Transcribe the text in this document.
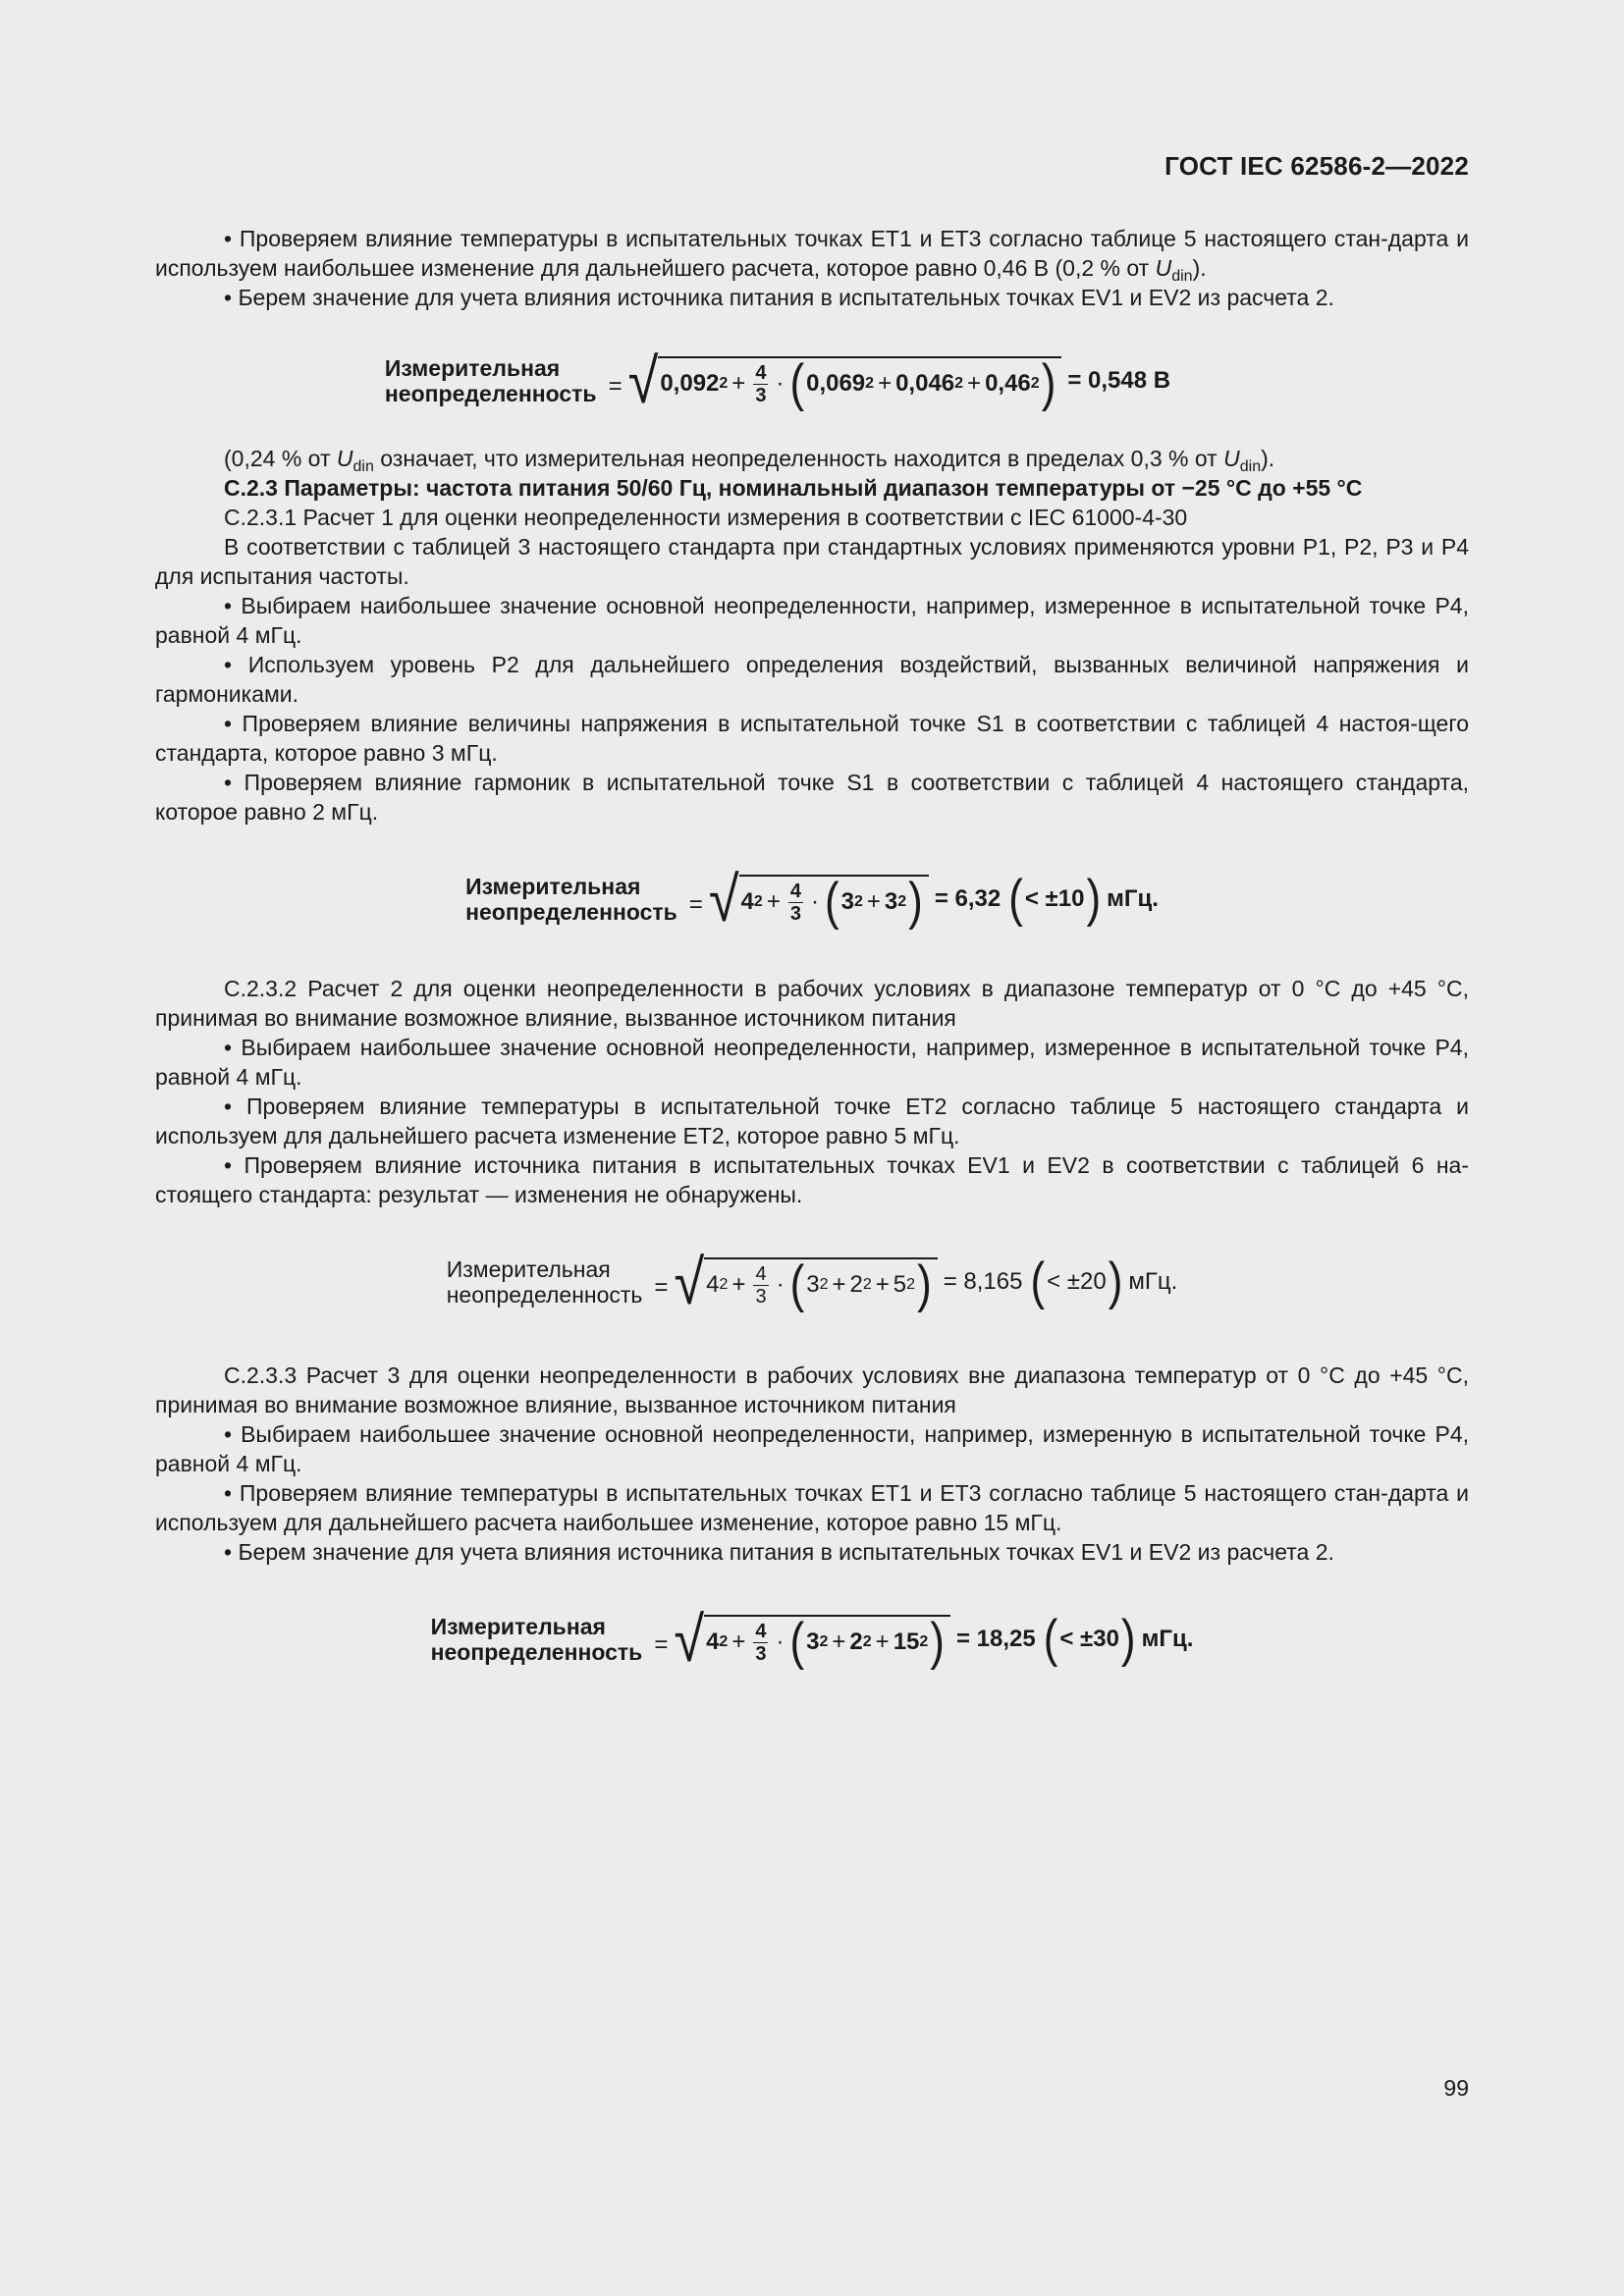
ГОСТ IEC 62586-2—2022

• Проверяем влияние температуры в испытательных точках ET1 и ET3 согласно таблице 5 настоящего стан-дарта и используем наибольшее изменение для дальнейшего расчета, которое равно 0,46 В (0,2 % от $U_{din}$).

• Берем значение для учета влияния источника питания в испытательных точках EV1 и EV2 из расчета 2.

Измерительная
неопределенность = √ 0,092 $2 + \frac{4}{3}$ · ( 0,069 2 + 0,046 2 + 0,46 2 ) = 0,548 В

(0,24 % от $U_{din}$ означает, что измерительная неопределенность находится в пределах 0,3 % от $U_{din}$).

С.2.3 Параметры: частота питания 50/60 Гц, номинальный диапазон температуры от −25 °С до +55 °С

С.2.3.1 Расчет 1 для оценки неопределенности измерения в соответствии с IEC 61000-4-30

В соответствии с таблицей 3 настоящего стандарта при стандартных условиях применяются уровни P1, P2, P3 и P4 для испытания частоты.

• Выбираем наибольшее значение основной неопределенности, например, измеренное в испытательной точке P4, равной 4 мГц.

• Используем уровень P2 для дальнейшего определения воздействий, вызванных величиной напряжения и гармониками.

• Проверяем влияние величины напряжения в испытательной точке S1 в соответствии с таблицей 4 настоя-щего стандарта, которое равно 3 мГц.

• Проверяем влияние гармоник в испытательной точке S1 в соответствии с таблицей 4 настоящего стандарта, которое равно 2 мГц.

Измерительная
неопределенность = √ 4 $2 + \frac{4}{3}$ · ( 3 2 + 3 2 ) = 6,32 ( < ±10 ) мГц.

С.2.3.2 Расчет 2 для оценки неопределенности в рабочих условиях в диапазоне температур от 0 °С до +45 °С, принимая во внимание возможное влияние, вызванное источником питания

• Выбираем наибольшее значение основной неопределенности, например, измеренное в испытательной точке P4, равной 4 мГц.

• Проверяем влияние температуры в испытательной точке ET2 согласно таблице 5 настоящего стандарта и используем для дальнейшего расчета изменение ET2, которое равно 5 мГц.

• Проверяем влияние источника питания в испытательных точках EV1 и EV2 в соответствии с таблицей 6 на-стоящего стандарта: результат — изменения не обнаружены.

Измерительная
неопределенность = √ 4 $2 + \frac{4}{3}$ · ( 3 2 + 2 2 + 5 2 ) = 8,165 ( < ±20 ) мГц.

С.2.3.3 Расчет 3 для оценки неопределенности в рабочих условиях вне диапазона температур от 0 °С до +45 °С, принимая во внимание возможное влияние, вызванное источником питания

• Выбираем наибольшее значение основной неопределенности, например, измеренную в испытательной точке P4, равной 4 мГц.

• Проверяем влияние температуры в испытательных точках ET1 и ET3 согласно таблице 5 настоящего стан-дарта и используем для дальнейшего расчета наибольшее изменение, которое равно 15 мГц.

• Берем значение для учета влияния источника питания в испытательных точках EV1 и EV2 из расчета 2.

Измерительная
неопределенность = √ 4 $2 + \frac{4}{3}$ · ( 3 2 + 2 2 + 15 2 ) = 18,25 ( < ±30 ) мГц.
99
